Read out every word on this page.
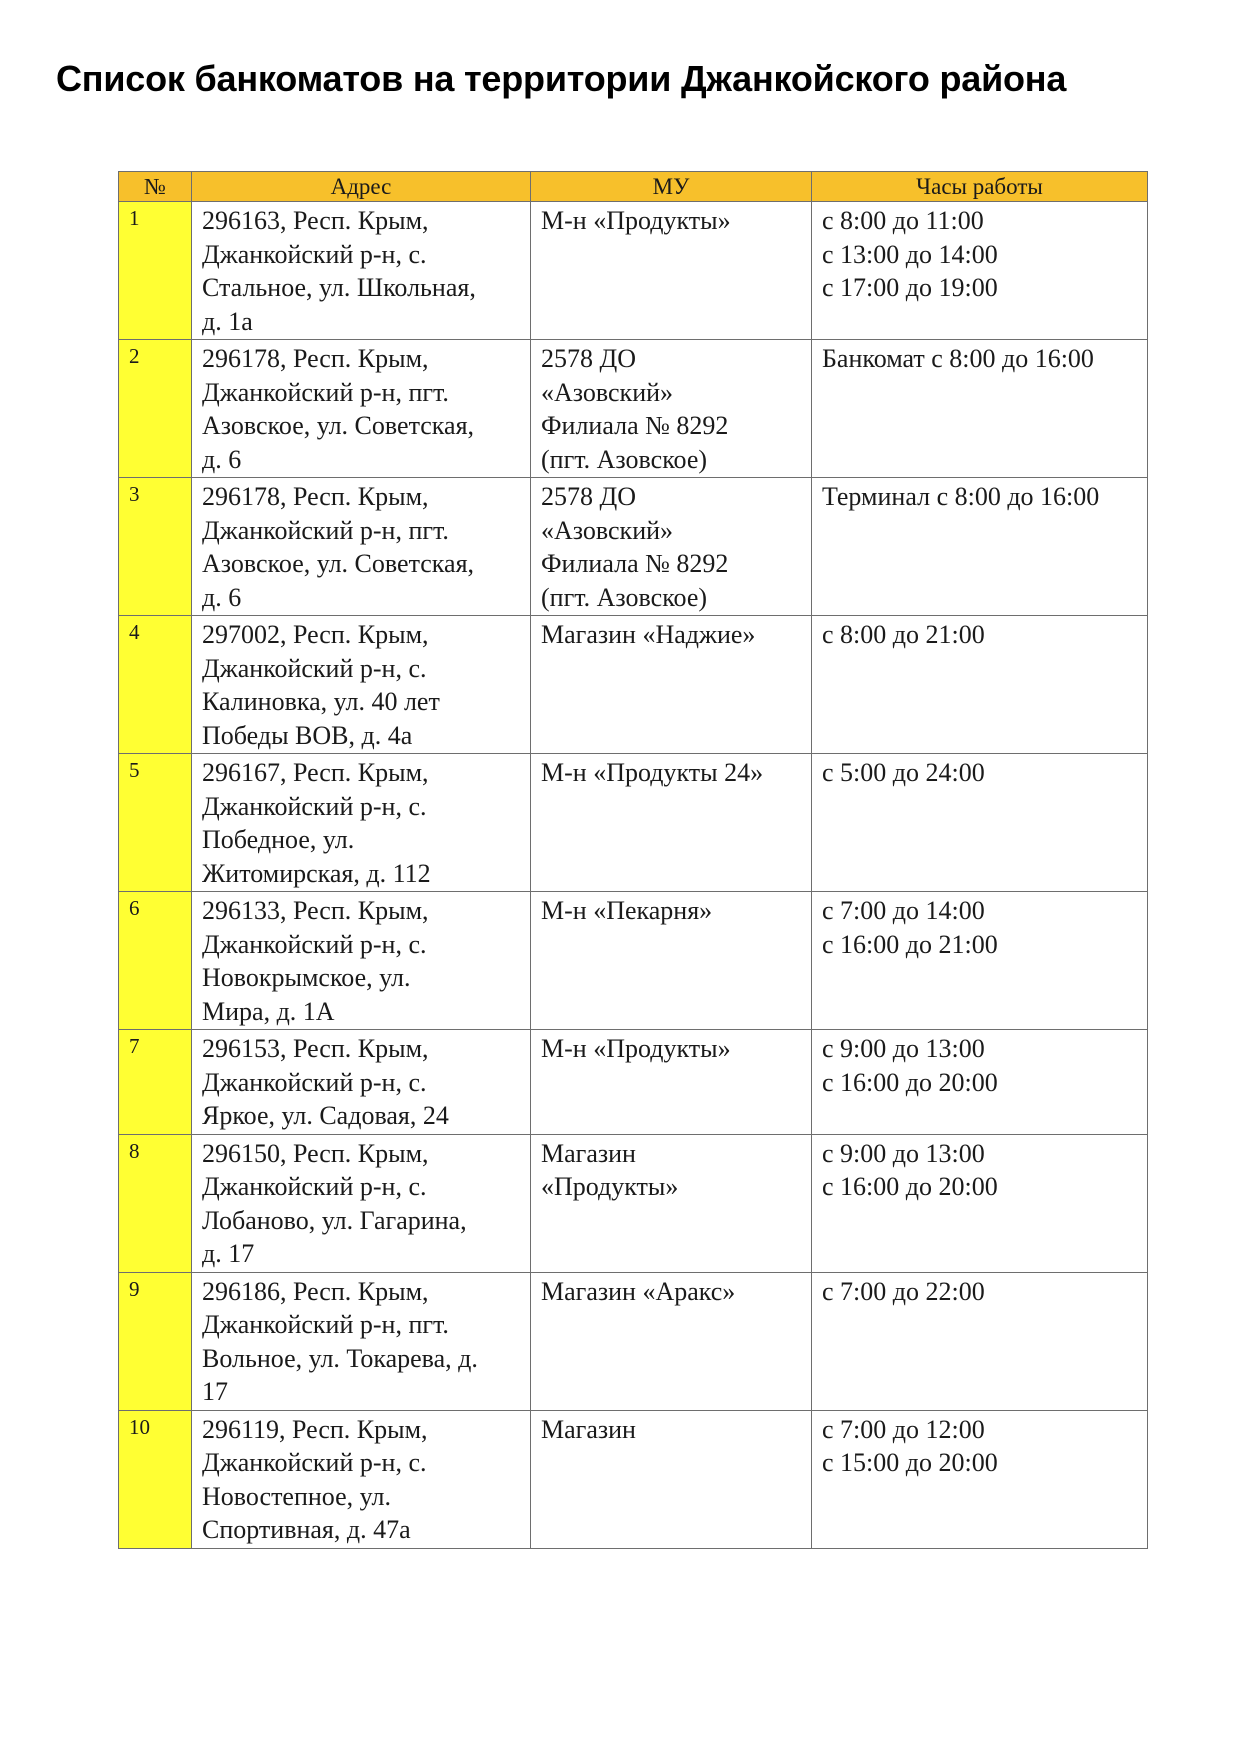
Список банкоматов на территории Джанкойского района
№	Адрес	МУ	Часы работы
1	296163, Респ. Крым,
Джанкойский р-н, с.
Стальное, ул. Школьная,
д. 1а	М-н «Продукты»	с 8:00 до 11:00
с 13:00 до 14:00
с 17:00 до 19:00

2	296178, Респ. Крым,
Джанкойский р-н, пгт.
Азовское, ул. Советская,
д. 6	2578 ДО
«Азовский»
Филиала № 8292
(пгт. Азовское)	Банкомат с 8:00 до 16:00

3	296178, Респ. Крым,
Джанкойский р-н, пгт.
Азовское, ул. Советская,
д. 6	2578 ДО
«Азовский»
Филиала № 8292
(пгт. Азовское)	Терминал с 8:00 до 16:00

4	297002, Респ. Крым,
Джанкойский р-н, с.
Калиновка, ул. 40 лет
Победы ВОВ, д. 4а	Магазин «Наджие»	с 8:00 до 21:00

5	296167, Респ. Крым,
Джанкойский р-н, с.
Победное, ул.
Житомирская, д. 112	М-н «Продукты 24»	с 5:00 до 24:00

6	296133, Респ. Крым,
Джанкойский р-н, с.
Новокрымское, ул.
Мира, д. 1А	М-н «Пекарня»	с 7:00 до 14:00
с 16:00 до 21:00

7	296153, Респ. Крым,
Джанкойский р-н, с.
Яркое, ул. Садовая, 24	М-н «Продукты»	с 9:00 до 13:00
с 16:00 до 20:00

8	296150, Респ. Крым,
Джанкойский р-н, с.
Лобаново, ул. Гагарина,
д. 17	Магазин
«Продукты»	с 9:00 до 13:00
с 16:00 до 20:00

9	296186, Респ. Крым,
Джанкойский р-н, пгт.
Вольное, ул. Токарева, д.
17	Магазин «Аракс»	с 7:00 до 22:00

10	296119, Респ. Крым,
Джанкойский р-н, с.
Новостепное, ул.
Спортивная, д. 47а	Магазин	с 7:00 до 12:00
с 15:00 до 20:00
